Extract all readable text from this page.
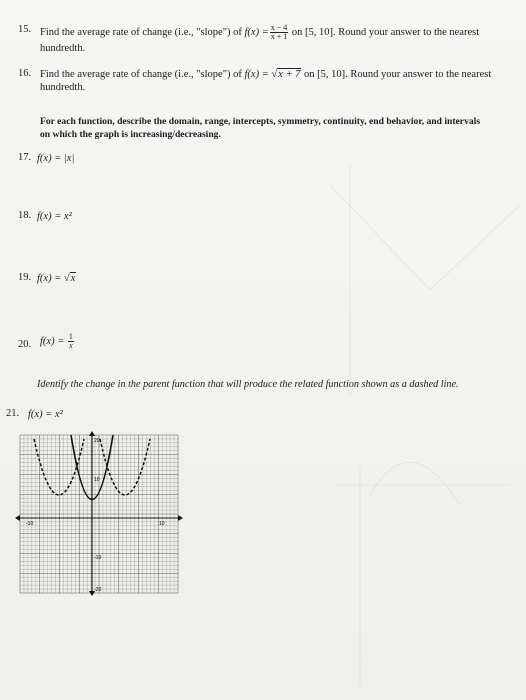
15. Find the average rate of change (i.e., "slope") of $f(x) = \frac{x - 4}{x + 1}$ on [5, 10]. Round your answer to the nearest
hundredth.
16. Find the average rate of change (i.e., "slope") of f(x) = √x + 7 on [5, 10]. Round your answer to the nearest
hundredth.
For each function, describe the domain, range, intercepts, symmetry, continuity, end behavior, and intervals
on which the graph is increasing/decreasing.
17. f(x) = |x|
18. f(x) = x²
19. f(x) = √x
20. $f(x) = \frac{1}{x}$
Identify the change in the parent function that will produce the related function shown as a dashed line.
21. f(x) = x²
20
10
-10
-20
-10	10
